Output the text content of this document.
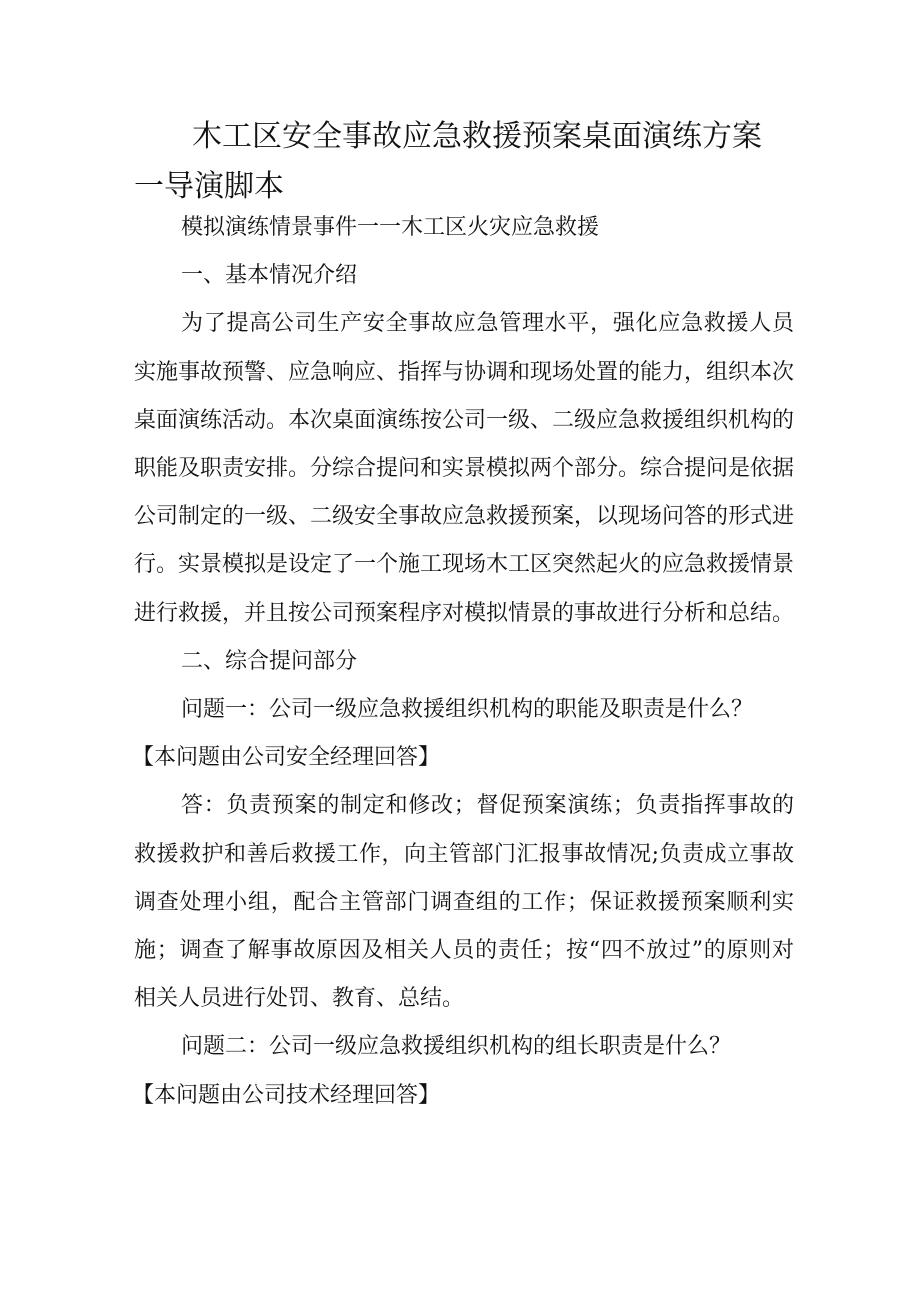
木工区安全事故应急救援预案桌面演练方案
一导演脚本

模拟演练情景事件一一木工区火灾应急救援

一、基本情况介绍

为了提高公司生产安全事故应急管理水平，强化应急救援人员实施事故预警、应急响应、指挥与协调和现场处置的能力，组织本次桌面演练活动。本次桌面演练按公司一级、二级应急救援组织机构的职能及职责安排。分综合提问和实景模拟两个部分。综合提问是依据公司制定的一级、二级安全事故应急救援预案，以现场问答的形式进行。实景模拟是设定了一个施工现场木工区突然起火的应急救援情景进行救援，并且按公司预案程序对模拟情景的事故进行分析和总结。

二、综合提问部分

问题一：公司一级应急救援组织机构的职能及职责是什么？

【本问题由公司安全经理回答】

答：负责预案的制定和修改；督促预案演练；负责指挥事故的救援救护和善后救援工作，向主管部门汇报事故情况;负责成立事故调查处理小组，配合主管部门调查组的工作；保证救援预案顺利实施；调查了解事故原因及相关人员的责任；按“四不放过”的原则对相关人员进行处罚、教育、总结。

问题二：公司一级应急救援组织机构的组长职责是什么？

【本问题由公司技术经理回答】
